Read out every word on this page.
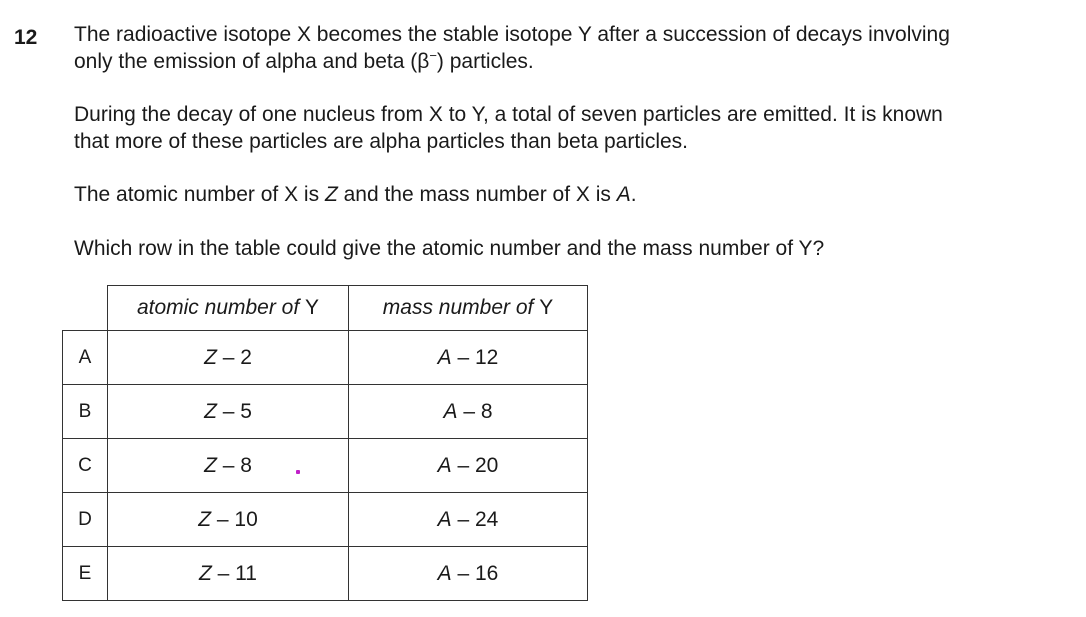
12 The radioactive isotope X becomes the stable isotope Y after a succession of decays involving
only the emission of alpha and beta (β−) particles.
During the decay of one nucleus from X to Y, a total of seven particles are emitted. It is known
that more of these particles are alpha particles than beta particles.
The atomic number of X is Z and the mass number of X is A.
Which row in the table could give the atomic number and the mass number of Y?
	atomic number of Y	mass number of Y
A	Z – 2	A – 12
B	Z – 5	A – 8
C	Z – 8	A – 20
D	Z – 10	A – 24
E	Z – 11	A – 16
